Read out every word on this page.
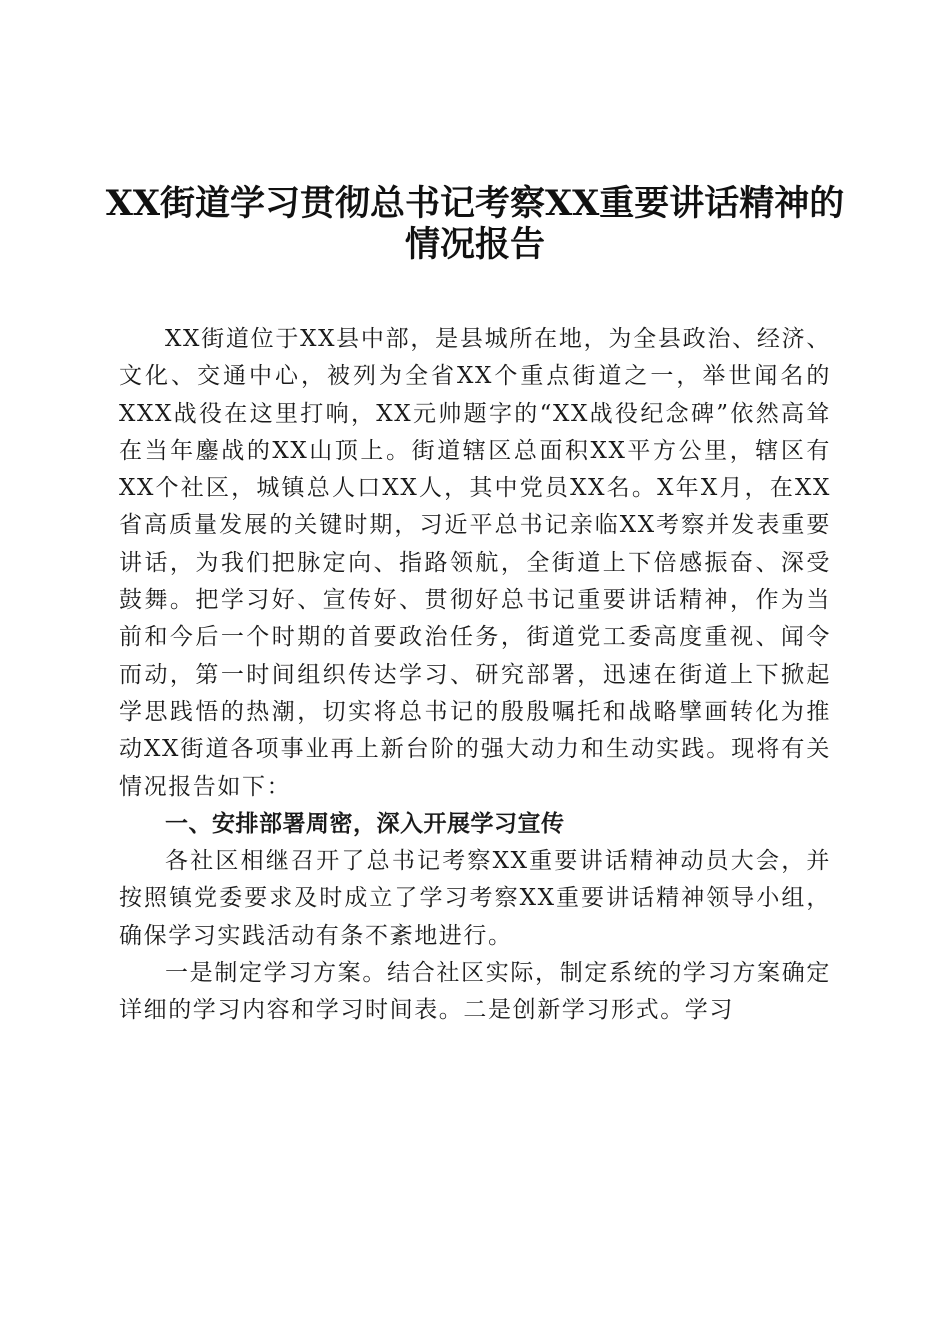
XX街道学习贯彻总书记考察XX重要讲话精神的情况报告

XX街道位于XX县中部，是县城所在地，为全县政治、经济、文化、交通中心，被列为全省XX个重点街道之一，举世闻名的XXX战役在这里打响，XX元帅题字的“XX战役纪念碑”依然高耸在当年鏖战的XX山顶上。街道辖区总面积XX平方公里，辖区有XX个社区，城镇总人口XX人，其中党员XX名。X年X月，在XX省高质量发展的关键时期，习近平总书记亲临XX考察并发表重要讲话，为我们把脉定向、指路领航，全街道上下倍感振奋、深受鼓舞。把学习好、宣传好、贯彻好总书记重要讲话精神，作为当前和今后一个时期的首要政治任务，街道党工委高度重视、闻令而动，第一时间组织传达学习、研究部署，迅速在街道上下掀起学思践悟的热潮，切实将总书记的殷殷嘱托和战略擘画转化为推动XX街道各项事业再上新台阶的强大动力和生动实践。现将有关情况报告如下：

一、安排部署周密，深入开展学习宣传

各社区相继召开了总书记考察XX重要讲话精神动员大会，并按照镇党委要求及时成立了学习考察XX重要讲话精神领导小组，确保学习实践活动有条不紊地进行。

一是制定学习方案。结合社区实际，制定系统的学习方案确定详细的学习内容和学习时间表。二是创新学习形式。学习
